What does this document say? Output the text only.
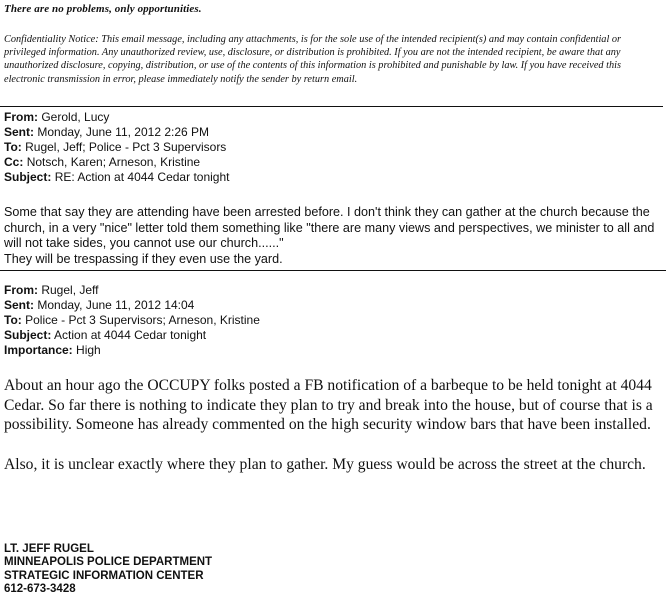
There are no problems, only opportunities.
Confidentiality Notice: This email message, including any attachments, is for the sole use of the intended recipient(s) and may contain confidential or privileged information. Any unauthorized review, use, disclosure, or distribution is prohibited. If you are not the intended recipient, be aware that any unauthorized disclosure, copying, distribution, or use of the contents of this information is prohibited and punishable by law. If you have received this electronic transmission in error, please immediately notify the sender by return email.
From: Gerold, Lucy
Sent: Monday, June 11, 2012 2:26 PM
To: Rugel, Jeff; Police - Pct 3 Supervisors
Cc: Notsch, Karen; Arneson, Kristine
Subject: RE: Action at 4044 Cedar tonight

Some that say they are attending have been arrested before. I don't think they can gather at the church because the church, in a very "nice" letter told them something like "there are many views and perspectives, we minister to all and will not take sides, you cannot use our church......"

They will be trespassing if they even use the yard.

From: Rugel, Jeff
Sent: Monday, June 11, 2012 14:04
To: Police - Pct 3 Supervisors; Arneson, Kristine
Subject: Action at 4044 Cedar tonight
Importance: High

About an hour ago the OCCUPY folks posted a FB notification of a barbeque to be held tonight at 4044 Cedar. So far there is nothing to indicate they plan to try and break into the house, but of course that is a possibility. Someone has already commented on the high security window bars that have been installed.

Also, it is unclear exactly where they plan to gather. My guess would be across the street at the church.

LT. JEFF RUGEL
MINNEAPOLIS POLICE DEPARTMENT
STRATEGIC INFORMATION CENTER
612-673-3428
